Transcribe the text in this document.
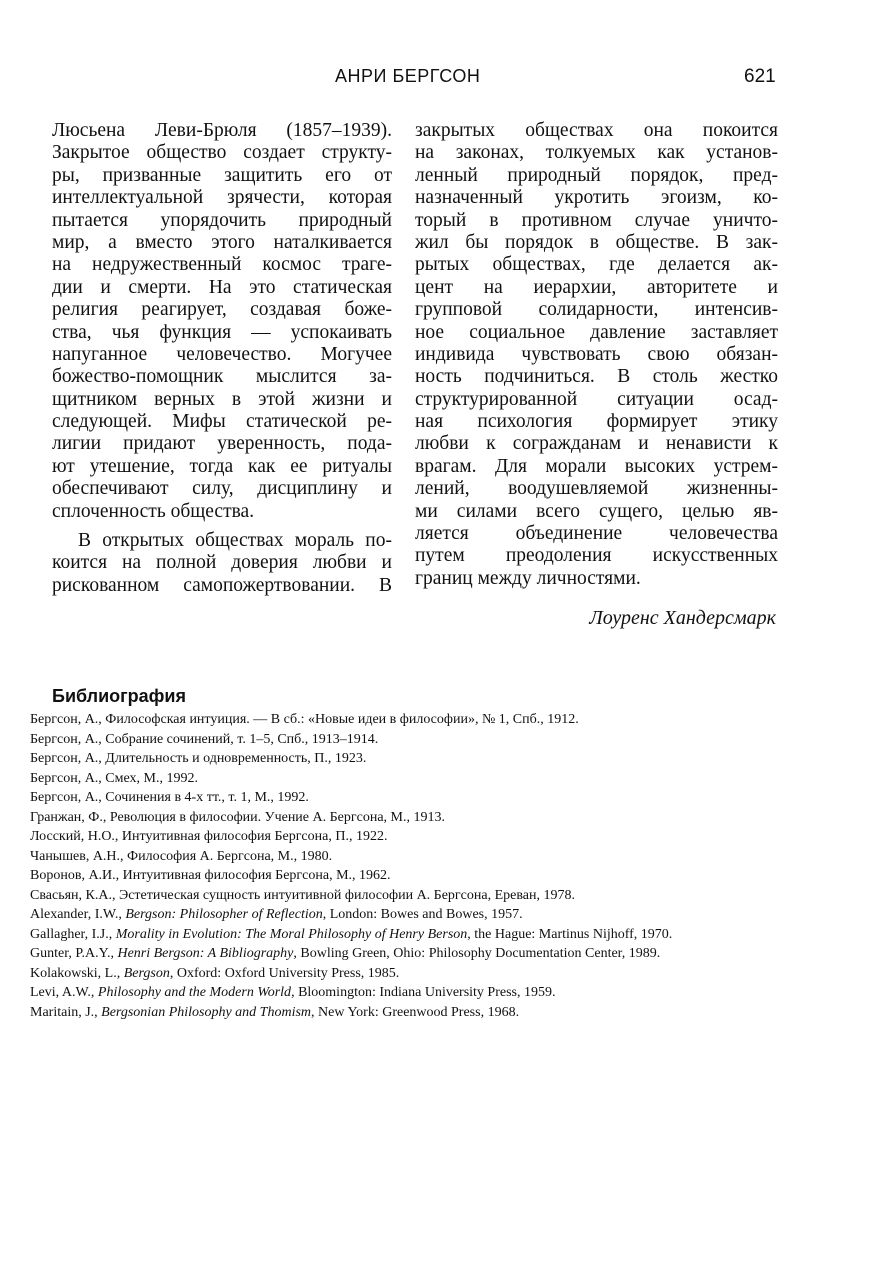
АНРИ БЕРГСОН	621
Люсьена Леви-Брюля (1857–1939).
Закрытое общество создает структу-
ры, призванные защитить его от
интеллектуальной зрячести, которая
пытается упорядочить природный
мир, а вместо этого наталкивается
на недружественный космос траге-
дии и смерти. На это статическая
религия реагирует, создавая боже-
ства, чья функция — успокаивать
напуганное человечество. Могучее
божество-помощник мыслится за-
щитником верных в этой жизни и
следующей. Мифы статической ре-
лигии придают уверенность, пода-
ют утешение, тогда как ее ритуалы
обеспечивают силу, дисциплину и
сплоченность общества.
В открытых обществах мораль по-
коится на полной доверия любви и
рискованном самопожертвовании. В
закрытых обществах она покоится
на законах, толкуемых как установ-
ленный природный порядок, пред-
назначенный укротить эгоизм, ко-
торый в противном случае уничто-
жил бы порядок в обществе. В зак-
рытых обществах, где делается ак-
цент на иерархии, авторитете и
групповой солидарности, интенсив-
ное социальное давление заставляет
индивида чувствовать свою обязан-
ность подчиниться. В столь жестко
структурированной ситуации осад-
ная психология формирует этику
любви к согражданам и ненависти к
врагам. Для морали высоких устрем-
лений, воодушевляемой жизненны-
ми силами всего сущего, целью яв-
ляется объединение человечества
путем преодоления искусственных
границ между личностями.
Лоуренс Хандерсмарк
Библиография
Бергсон, А., Философская интуиция. — В сб.: «Новые идеи в философии», № 1, Спб., 1912.
Бергсон, А., Собрание сочинений, т. 1–5, Спб., 1913–1914.
Бергсон, А., Длительность и одновременность, П., 1923.
Бергсон, А., Смех, М., 1992.
Бергсон, А., Сочинения в 4-х тт., т. 1, М., 1992.
Гранжан, Ф., Революция в философии. Учение А. Бергсона, М., 1913.
Лосский, Н.О., Интуитивная философия Бергсона, П., 1922.
Чанышев, А.Н., Философия А. Бергсона, М., 1980.
Воронов, А.И., Интуитивная философия Бергсона, М., 1962.
Свасьян, К.А., Эстетическая сущность интуитивной философии А. Бергсона, Ереван, 1978.
Alexander, I.W., Bergson: Philosopher of Reflection, London: Bowes and Bowes, 1957.
Gallagher, I.J., Morality in Evolution: The Moral Philosophy of Henry Berson, the Hague: Martinus Nijhoff, 1970.
Gunter, P.A.Y., Henri Bergson: A Bibliography, Bowling Green, Ohio: Philosophy Documentation Center, 1989.
Kolakowski, L., Bergson, Oxford: Oxford University Press, 1985.
Levi, A.W., Philosophy and the Modern World, Bloomington: Indiana University Press, 1959.
Maritain, J., Bergsonian Philosophy and Thomism, New York: Greenwood Press, 1968.
